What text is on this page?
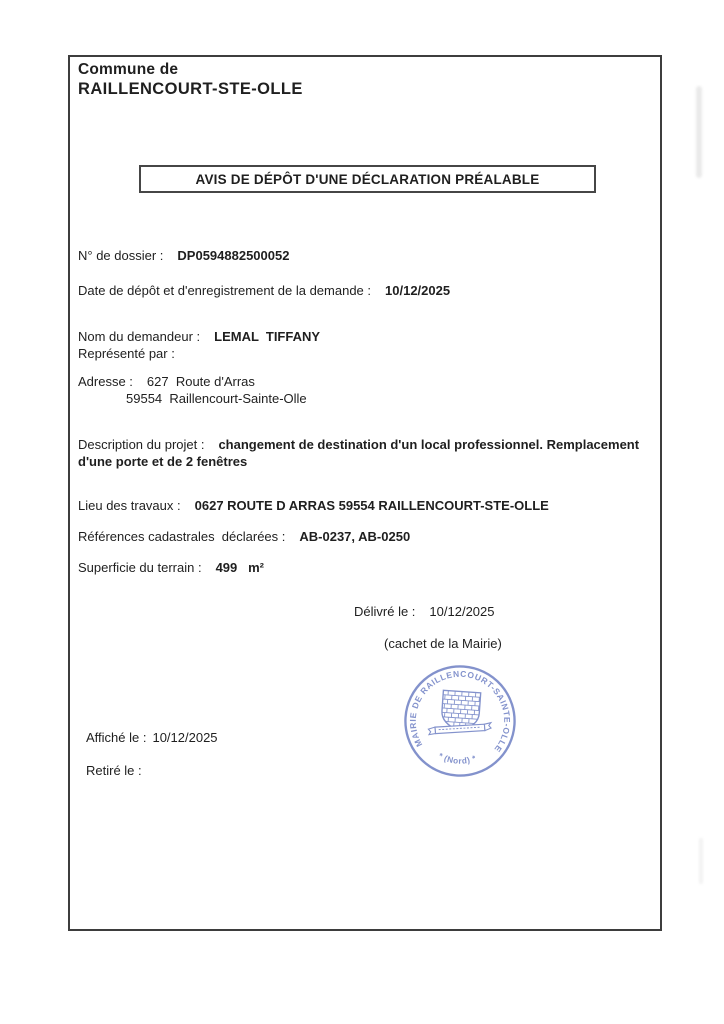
Commune de
RAILLENCOURT-STE-OLLE
AVIS DE DÉPÔT D'UNE DÉCLARATION PRÉALABLE
N° de dossier : DP0594882500052
Date de dépôt et d'enregistrement de la demande : 10/12/2025
Nom du demandeur : LEMAL  TIFFANY
Représenté par :
Adresse : 627  Route d'Arras
59554  Raillencourt-Sainte-Olle
Description du projet : changement de destination d'un local professionnel. Remplacement
d'une porte et de 2 fenêtres
Lieu des travaux : 0627 ROUTE D ARRAS 59554 RAILLENCOURT-STE-OLLE
Références cadastrales  déclarées : AB-0237, AB-0250
Superficie du terrain : 499   m²
Délivré le : 10/12/2025
(cachet de la Mairie)
MAIRIE DE RAILLENCOURT-SAINTE-OLLE
* (Nord) *
Affiché le : 10/12/2025
Retiré le :
